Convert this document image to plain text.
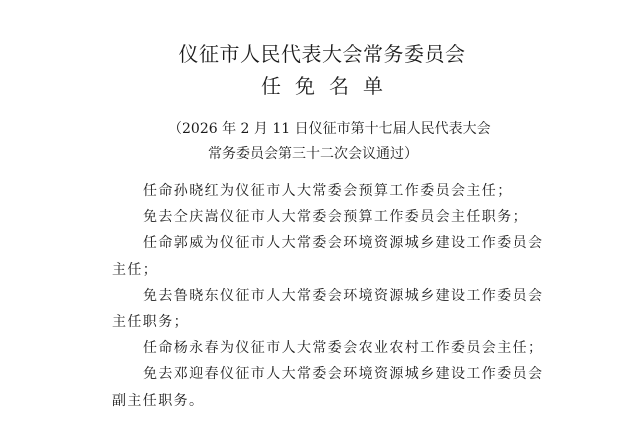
仪征市人民代表大会常务委员会
任免名单
（2026 年 2 月 11 日仪征市第十七届人民代表大会
常务委员会第三十二次会议通过）

任命孙晓红为仪征市人大常委会预算工作委员会主任；

免去仝庆嵩仪征市人大常委会预算工作委员会主任职务；

任命郭威为仪征市人大常委会环境资源城乡建设工作委员会主任；

免去鲁晓东仪征市人大常委会环境资源城乡建设工作委员会主任职务；

任命杨永春为仪征市人大常委会农业农村工作委员会主任；

免去邓迎春仪征市人大常委会环境资源城乡建设工作委员会副主任职务。
